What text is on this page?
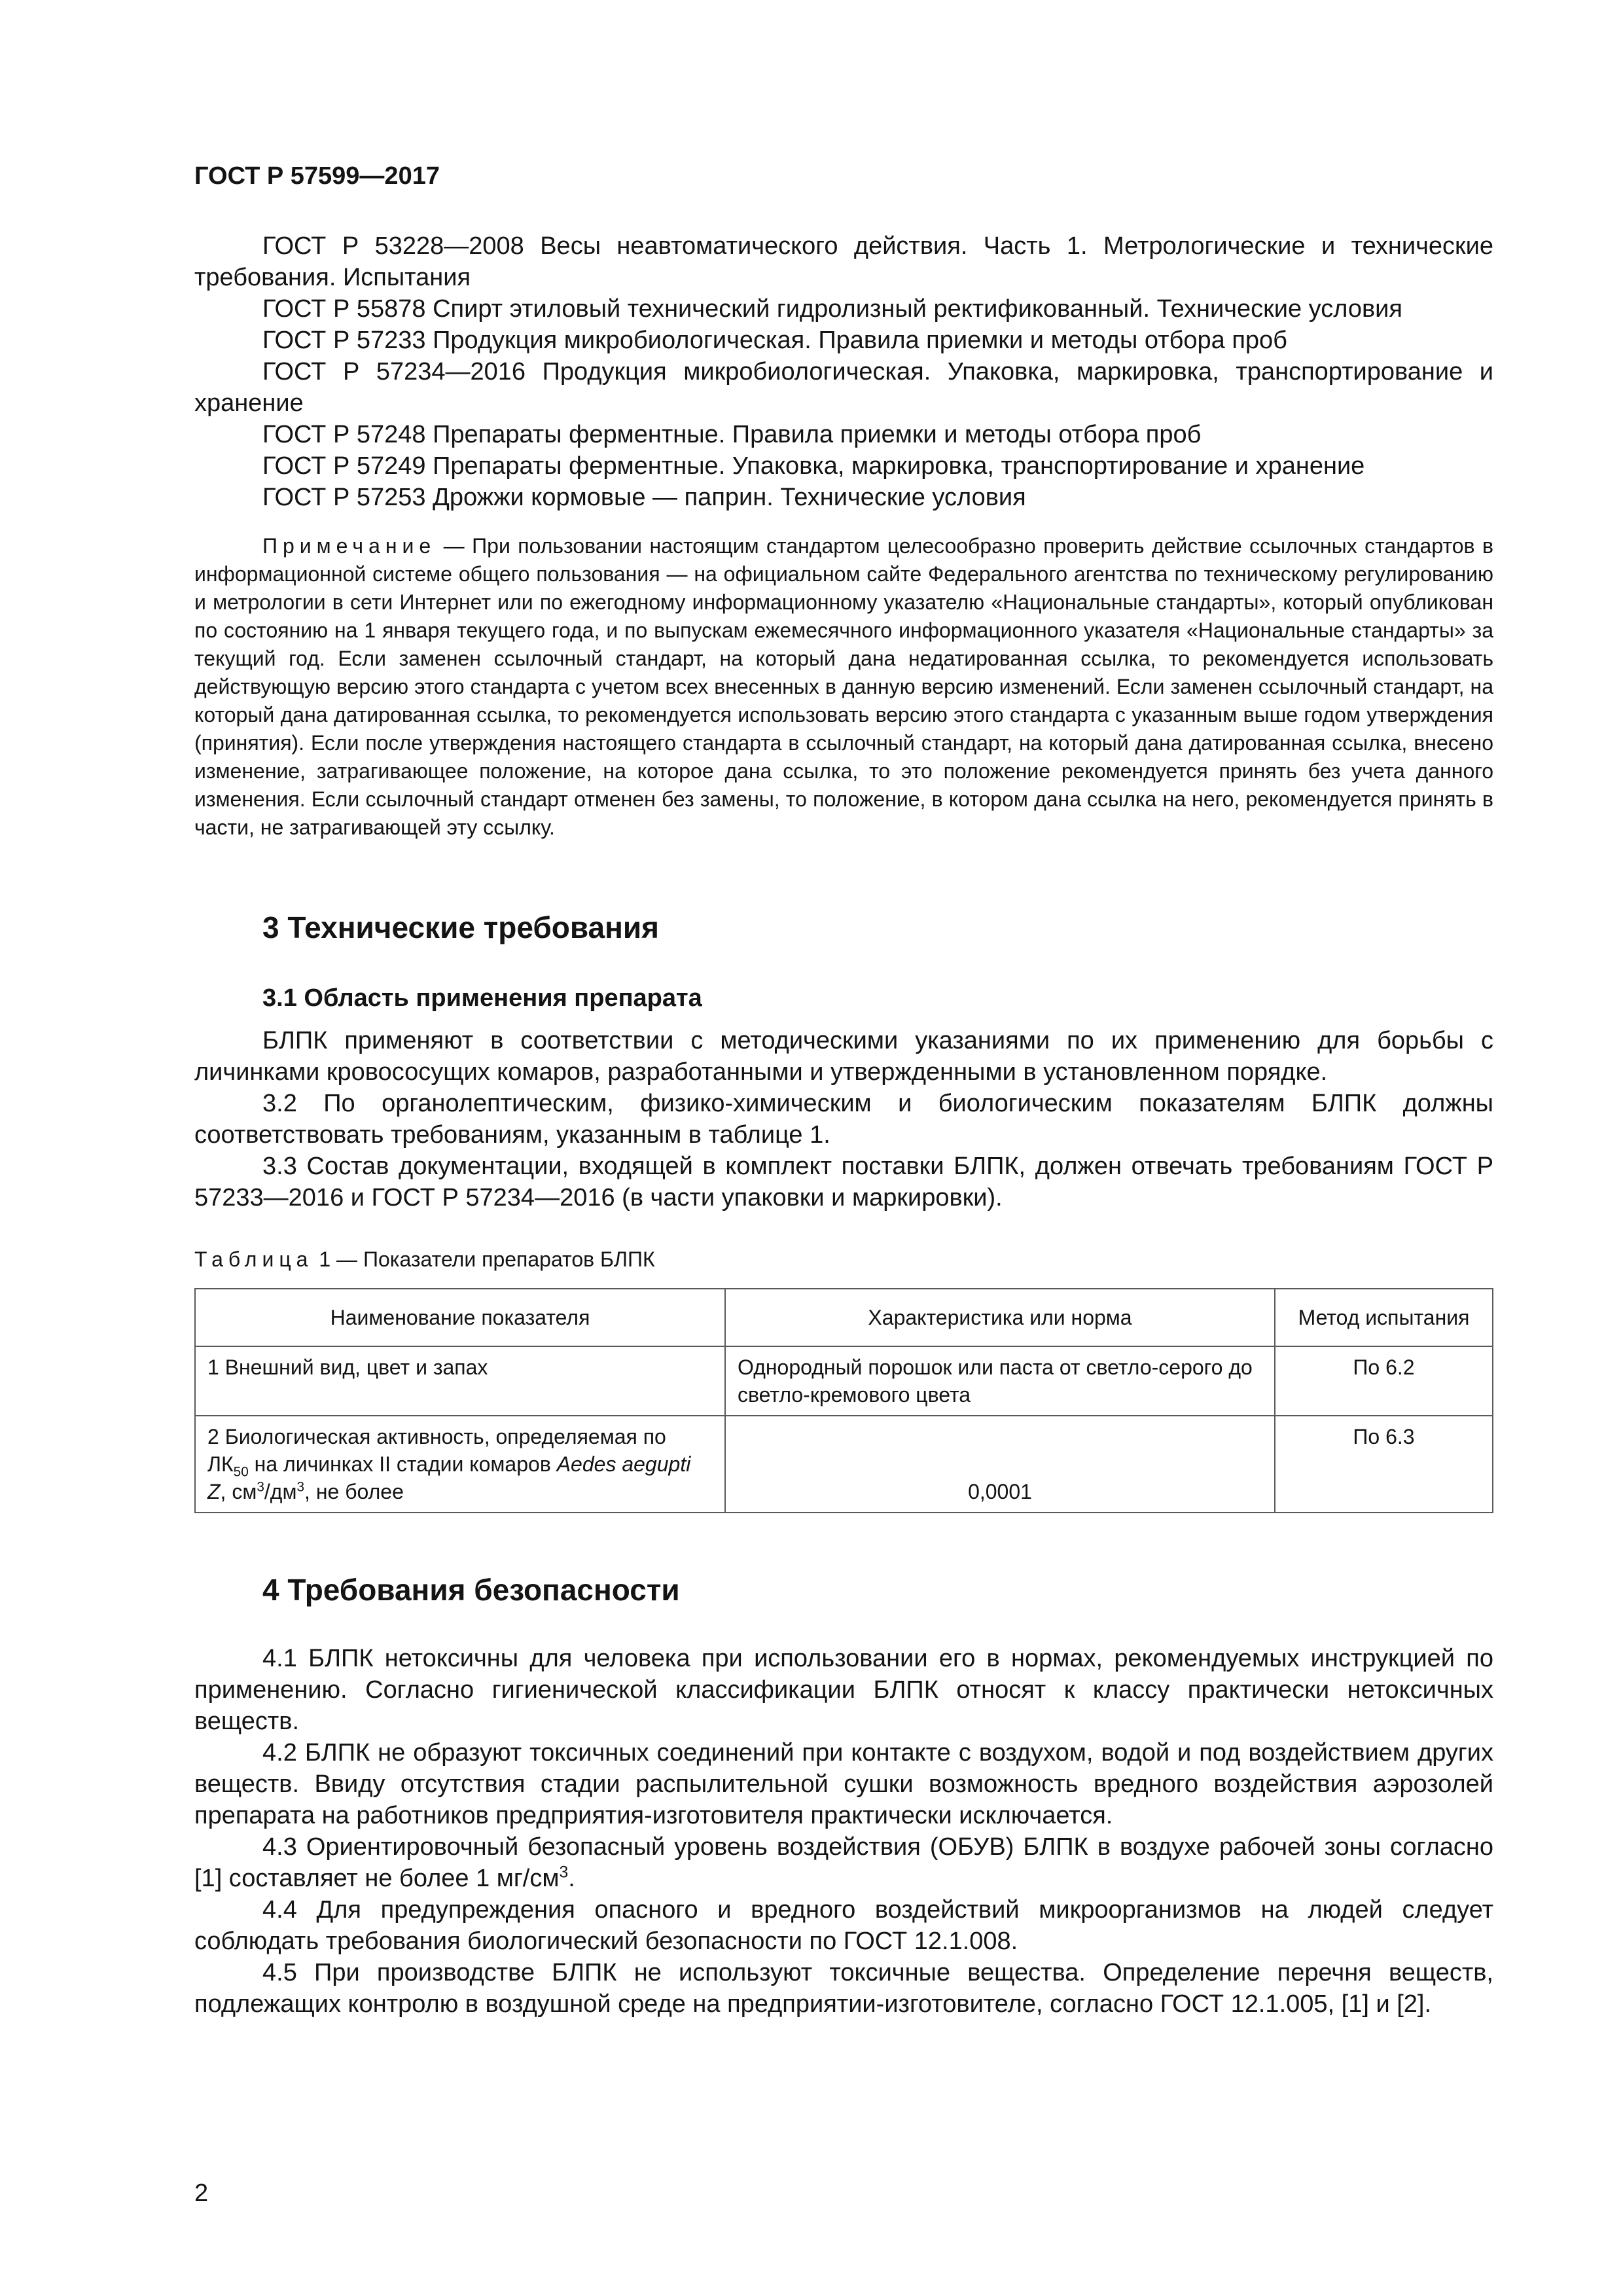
ГОСТ Р 57599—2017

ГОСТ Р 53228—2008 Весы неавтоматического действия. Часть 1. Метрологические и технические требования. Испытания

ГОСТ Р 55878 Спирт этиловый технический гидролизный ректификованный. Технические условия

ГОСТ Р 57233 Продукция микробиологическая. Правила приемки и методы отбора проб

ГОСТ Р 57234—2016 Продукция микробиологическая. Упаковка, маркировка, транспортирование и хранение

ГОСТ Р 57248 Препараты ферментные. Правила приемки и методы отбора проб

ГОСТ Р 57249 Препараты ферментные. Упаковка, маркировка, транспортирование и хранение

ГОСТ Р 57253 Дрожжи кормовые — паприн. Технические условия

Примечание — При пользовании настоящим стандартом целесообразно проверить действие ссылочных стандартов в информационной системе общего пользования — на официальном сайте Федерального агентства по техническому регулированию и метрологии в сети Интернет или по ежегодному информационному указателю «Национальные стандарты», который опубликован по состоянию на 1 января текущего года, и по выпускам ежемесячного информационного указателя «Национальные стандарты» за текущий год. Если заменен ссылочный стандарт, на который дана недатированная ссылка, то рекомендуется использовать действующую версию этого стандарта с учетом всех внесенных в данную версию изменений. Если заменен ссылочный стандарт, на который дана датированная ссылка, то рекомендуется использовать версию этого стандарта с указанным выше годом утверждения (принятия). Если после утверждения настоящего стандарта в ссылочный стандарт, на который дана датированная ссылка, внесено изменение, затрагивающее положение, на которое дана ссылка, то это положение рекомендуется принять без учета данного изменения. Если ссылочный стандарт отменен без замены, то положение, в котором дана ссылка на него, рекомендуется принять в части, не затрагивающей эту ссылку.

3 Технические требования
3.1 Область применения препарата

БЛПК применяют в соответствии с методическими указаниями по их применению для борьбы с личинками кровососущих комаров, разработанными и утвержденными в установленном порядке.

3.2 По органолептическим, физико-химическим и биологическим показателям БЛПК должны соответствовать требованиям, указанным в таблице 1.

3.3 Состав документации, входящей в комплект поставки БЛПК, должен отвечать требованиям ГОСТ Р 57233—2016 и ГОСТ Р 57234—2016 (в части упаковки и маркировки).

Таблица 1 — Показатели препаратов БЛПК

Наименование показателя	Характеристика или норма	Метод испытания
1 Внешний вид, цвет и запах	Однородный порошок или паста от светло-серого до светло-кремового цвета	По 6.2
2 Биологическая активность, определяемая по $ЛК_{50}$ на личинках II стадии комаров Aedes aegupti Z, $см^3/дм^3$, не более	0,0001	По 6.3
4 Требования безопасности

4.1 БЛПК нетоксичны для человека при использовании его в нормах, рекомендуемых инструкцией по применению. Согласно гигиенической классификации БЛПК относят к классу практически нетоксичных веществ.

4.2 БЛПК не образуют токсичных соединений при контакте с воздухом, водой и под воздействием других веществ. Ввиду отсутствия стадии распылительной сушки возможность вредного воздействия аэрозолей препарата на работников предприятия-изготовителя практически исключается.

4.3 Ориентировочный безопасный уровень воздействия (ОБУВ) БЛПК в воздухе рабочей зоны согласно [1] составляет не более 1 $мг/см^3$.

4.4 Для предупреждения опасного и вредного воздействий микроорганизмов на людей следует соблюдать требования биологический безопасности по ГОСТ 12.1.008.

4.5 При производстве БЛПК не используют токсичные вещества. Определение перечня веществ, подлежащих контролю в воздушной среде на предприятии-изготовителе, согласно ГОСТ 12.1.005, [1] и [2].

2
